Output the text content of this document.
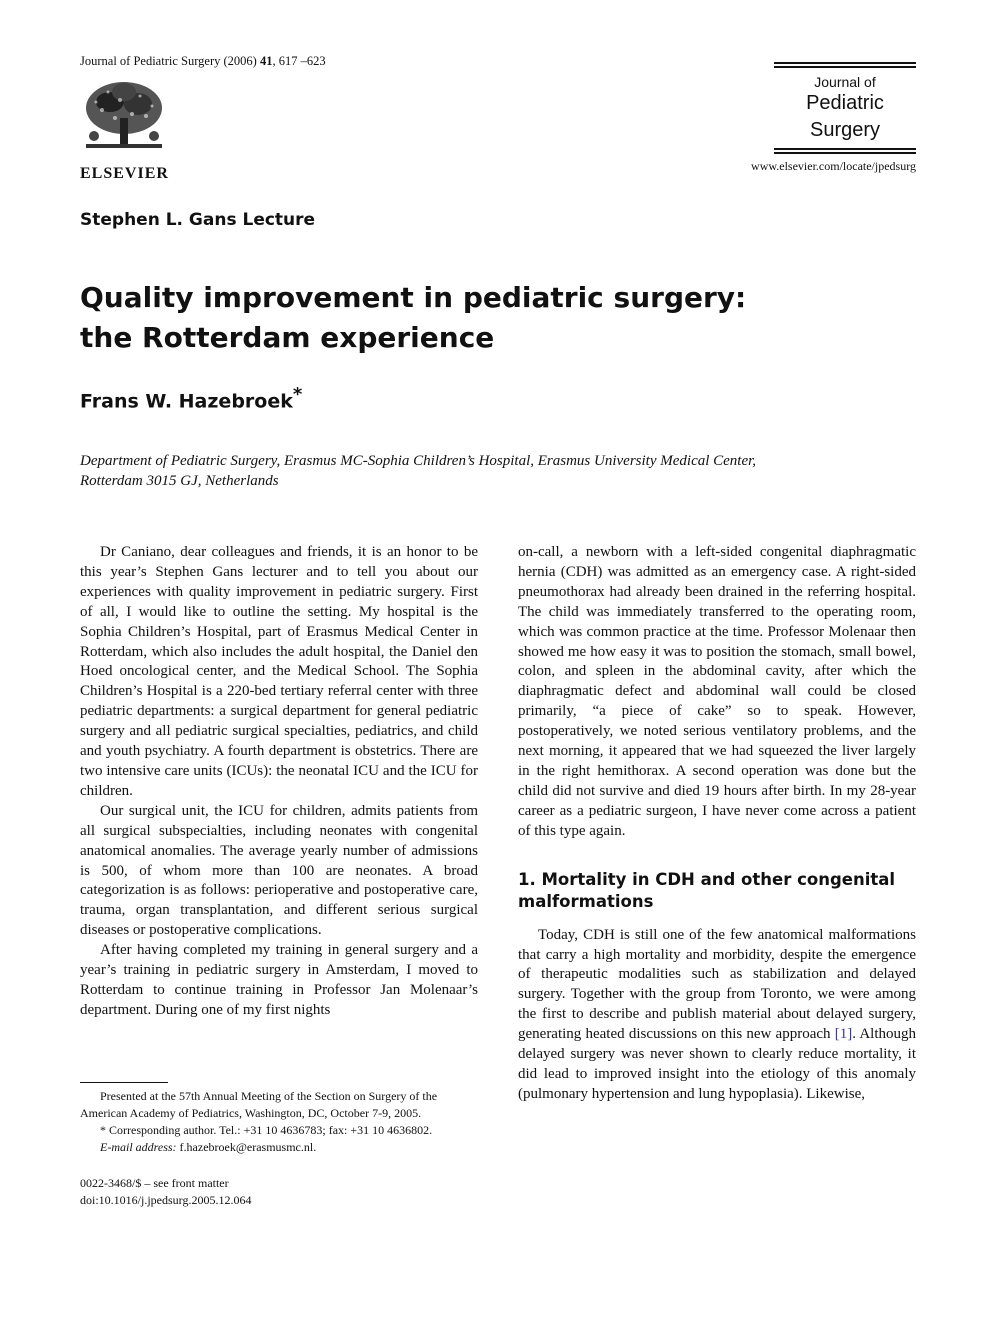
Journal of Pediatric Surgery (2006) 41, 617 –623
ELSEVIER
Journal of
Pediatric
Surgery
www.elsevier.com/locate/jpedsurg
Stephen L. Gans Lecture
Quality improvement in pediatric surgery:
the Rotterdam experience
Frans W. Hazebroek*
Department of Pediatric Surgery, Erasmus MC-Sophia Children’s Hospital, Erasmus University Medical Center,
Rotterdam 3015 GJ, Netherlands

Dr Caniano, dear colleagues and friends, it is an honor to be this year’s Stephen Gans lecturer and to tell you about our experiences with quality improvement in pediatric surgery. First of all, I would like to outline the setting. My hospital is the Sophia Children’s Hospital, part of Erasmus Medical Center in Rotterdam, which also includes the adult hospital, the Daniel den Hoed oncological center, and the Medical School. The Sophia Children’s Hospital is a 220-bed tertiary referral center with three pediatric departments: a surgical department for general pediatric surgery and all pediatric surgical specialties, pediatrics, and child and youth psychiatry. A fourth department is obstetrics. There are two intensive care units (ICUs): the neonatal ICU and the ICU for children.

Our surgical unit, the ICU for children, admits patients from all surgical subspecialties, including neonates with congenital anatomical anomalies. The average yearly number of admissions is 500, of whom more than 100 are neonates. A broad categorization is as follows: perioperative and postoperative care, trauma, organ transplantation, and different serious surgical diseases or postoperative complications.

After having completed my training in general surgery and a year’s training in pediatric surgery in Amsterdam, I moved to Rotterdam to continue training in Professor Jan Molenaar’s department. During one of my first nights

on-call, a newborn with a left-sided congenital diaphragmatic hernia (CDH) was admitted as an emergency case. A right-sided pneumothorax had already been drained in the referring hospital. The child was immediately transferred to the operating room, which was common practice at the time. Professor Molenaar then showed me how easy it was to position the stomach, small bowel, colon, and spleen in the abdominal cavity, after which the diaphragmatic defect and abdominal wall could be closed primarily, “a piece of cake” so to speak. However, postoperatively, we noted serious ventilatory problems, and the next morning, it appeared that we had squeezed the liver largely in the right hemithorax. A second operation was done but the child did not survive and died 19 hours after birth. In my 28-year career as a pediatric surgeon, I have never come across a patient of this type again.

1. Mortality in CDH and other congenital malformations

Today, CDH is still one of the few anatomical malformations that carry a high mortality and morbidity, despite the emergence of therapeutic modalities such as stabilization and delayed surgery. Together with the group from Toronto, we were among the first to describe and publish material about delayed surgery, generating heated discussions on this new approach [1]. Although delayed surgery was never shown to clearly reduce mortality, it did lead to improved insight into the etiology of this anomaly (pulmonary hypertension and lung hypoplasia). Likewise,

Presented at the 57th Annual Meeting of the Section on Surgery of the American Academy of Pediatrics, Washington, DC, October 7-9, 2005.
* Corresponding author. Tel.: +31 10 4636783; fax: +31 10 4636802.
E-mail address: f.hazebroek@erasmusmc.nl.
0022-3468/$ – see front matter
doi:10.1016/j.jpedsurg.2005.12.064
